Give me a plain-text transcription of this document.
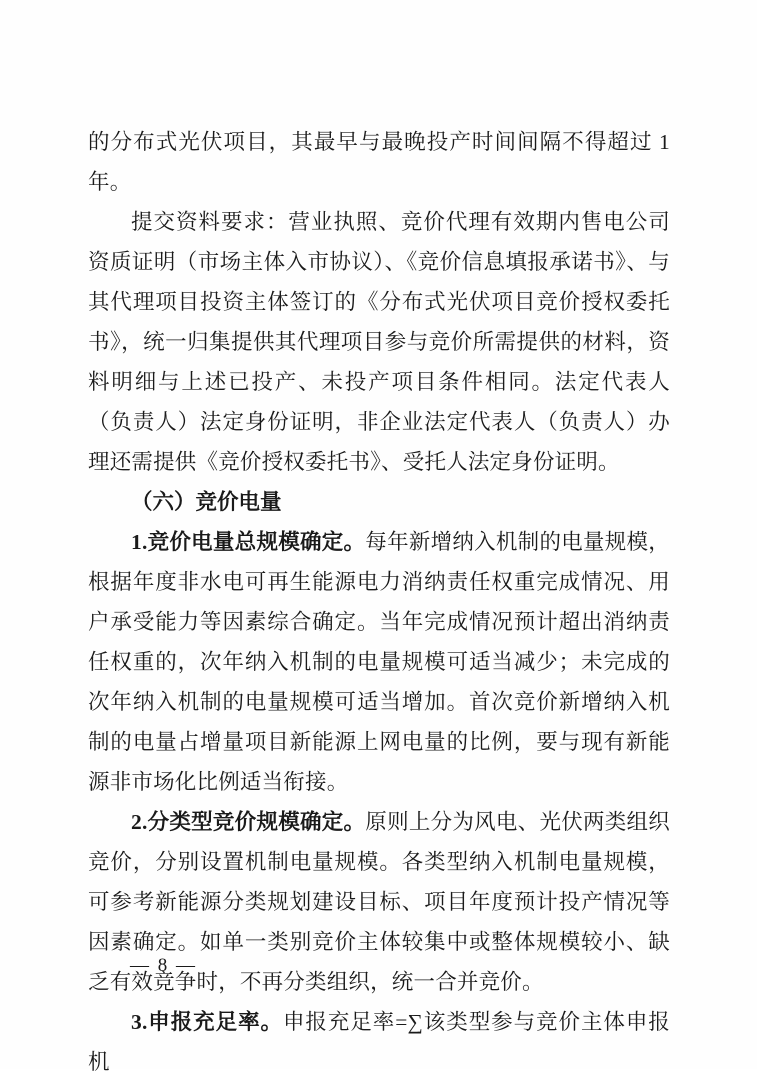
的分布式光伏项目，其最早与最晚投产时间间隔不得超过 1 年。

提交资料要求：营业执照、竞价代理有效期内售电公司资质证明（市场主体入市协议）、《竞价信息填报承诺书》、与其代理项目投资主体签订的《分布式光伏项目竞价授权委托书》，统一归集提供其代理项目参与竞价所需提供的材料，资料明细与上述已投产、未投产项目条件相同。法定代表人（负责人）法定身份证明，非企业法定代表人（负责人）办理还需提供《竞价授权委托书》、受托人法定身份证明。

（六）竞价电量

1.竞价电量总规模确定。每年新增纳入机制的电量规模，根据年度非水电可再生能源电力消纳责任权重完成情况、用户承受能力等因素综合确定。当年完成情况预计超出消纳责任权重的，次年纳入机制的电量规模可适当减少；未完成的次年纳入机制的电量规模可适当增加。首次竞价新增纳入机制的电量占增量项目新能源上网电量的比例，要与现有新能源非市场化比例适当衔接。

2.分类型竞价规模确定。原则上分为风电、光伏两类组织竞价，分别设置机制电量规模。各类型纳入机制电量规模，可参考新能源分类规划建设目标、项目年度预计投产情况等因素确定。如单一类别竞价主体较集中或整体规模较小、缺乏有效竞争时，不再分类组织，统一合并竞价。

3.申报充足率。申报充足率=∑该类型参与竞价主体申报机

— 8 —
